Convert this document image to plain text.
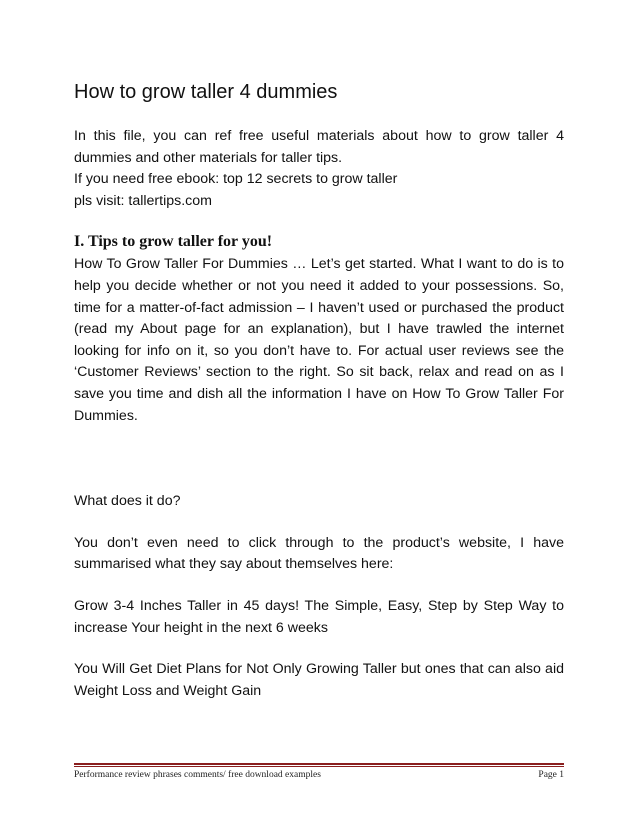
How to grow taller 4 dummies

In this file, you can ref free useful materials about how to grow taller 4 dummies and other materials for taller tips.

If you need free ebook: top 12 secrets to grow taller

pls visit: tallertips.com

I. Tips to grow taller for you!

How To Grow Taller For Dummies … Let’s get started. What I want to do is to help you decide whether or not you need it added to your possessions. So, time for a matter-of-fact admission – I haven’t used or purchased the product (read my About page for an explanation), but I have trawled the internet looking for info on it, so you don’t have to. For actual user reviews see the ‘Customer Reviews’ section to the right. So sit back, relax and read on as I save you time and dish all the information I have on How To Grow Taller For Dummies.

What does it do?

You don’t even need to click through to the product’s website, I have summarised what they say about themselves here:

Grow 3-4 Inches Taller in 45 days! The Simple, Easy, Step by Step Way to increase Your height in the next 6 weeks

You Will Get Diet Plans for Not Only Growing Taller but ones that can also aid Weight Loss and Weight Gain

Performance review phrases comments/ free download examples	Page 1
